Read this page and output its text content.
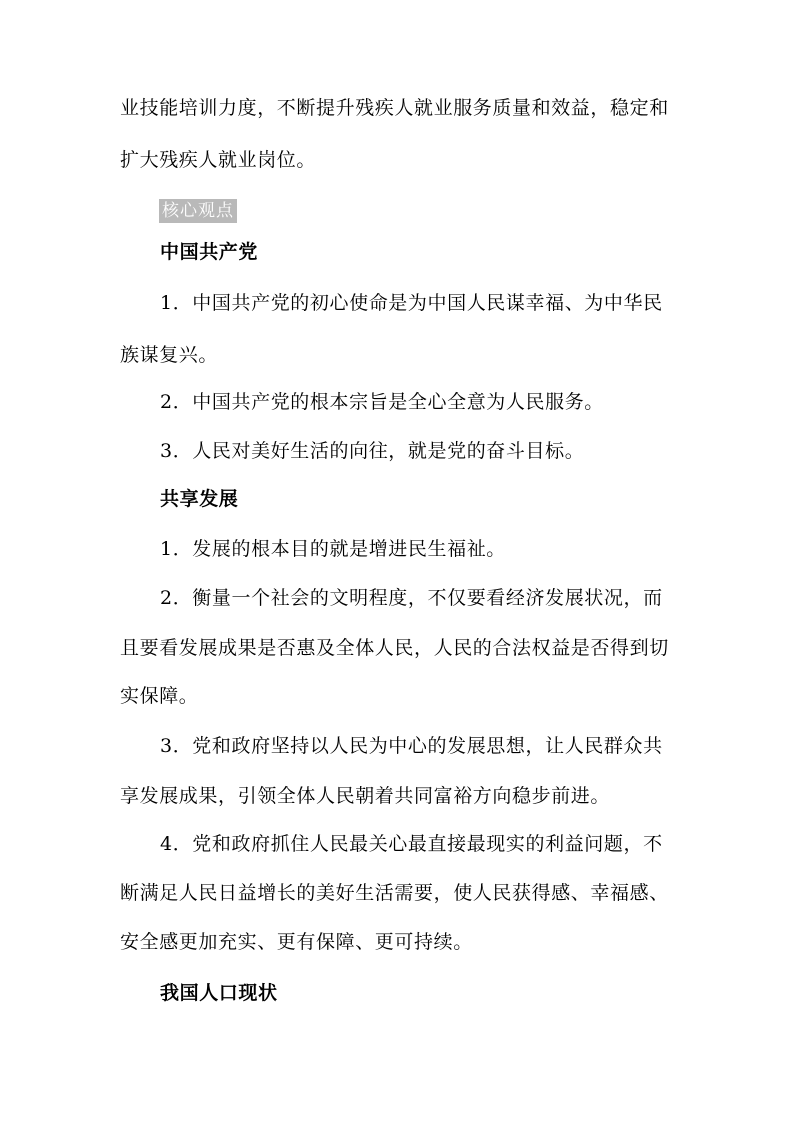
业技能培训力度，不断提升残疾人就业服务质量和效益，稳定和
扩大残疾人就业岗位。
核心观点
中国共产党
1．中国共产党的初心使命是为中国人民谋幸福、为中华民
族谋复兴。
2．中国共产党的根本宗旨是全心全意为人民服务。
3．人民对美好生活的向往，就是党的奋斗目标。
共享发展
1．发展的根本目的就是增进民生福祉。
2．衡量一个社会的文明程度，不仅要看经济发展状况，而
且要看发展成果是否惠及全体人民，人民的合法权益是否得到切
实保障。
3．党和政府坚持以人民为中心的发展思想，让人民群众共
享发展成果，引领全体人民朝着共同富裕方向稳步前进。
4．党和政府抓住人民最关心最直接最现实的利益问题，不
断满足人民日益增长的美好生活需要，使人民获得感、幸福感、
安全感更加充实、更有保障、更可持续。
我国人口现状
